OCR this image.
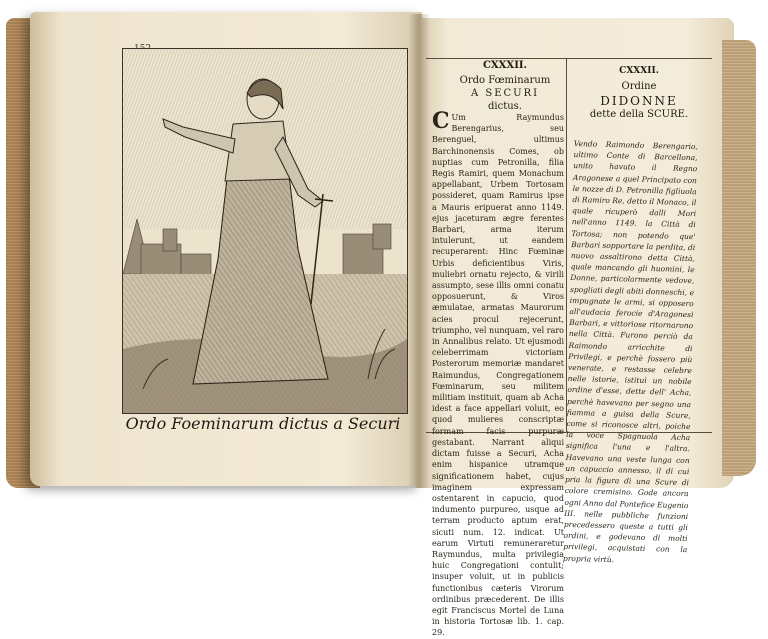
Ordo Foeminarum dictus a Securi
CXXXII.
Ordo Fœminarum
A SECURI
dictus.
C Um Raymundus Berengarius, seu Berenguel, ultimus Barchinonensis Comes, ob nuptias cum Petronilla, filia Regis Ramiri, quem Monachum appellabant, Urbem Tortosam possideret, quam Ramirus ipse a Mauris eripuerat anno 1149. ejus jaceturam ægre ferentes Barbari, arma iterum intulerunt, ut eandem recuperarent: Hinc Fœminæ Urbis deficientibus Viris, muliebri ornatu rejecto, & virili assumpto, sese illis omni conatu opposuerunt, & Viros æmulatae, armatas Maurorum acies procul rejecerunt, triumpho, vel nunquam, vel raro in Annalibus relato. Ut ejusmodi celeberrimam victoriam Posterorum memoriæ mandaret Raimundus, Congregationem Fœminarum, seu militem militiam instituit, quam ab Acha idest a face appellari voluit, eo quod mulieres conscriptæ formam facis purpuræ gestabant. Narrant aliqui dictam fuisse a Securi, Acha enim hispanice utramque significationem habet, cujus imaginem expressam ostentarent in capucio, quod indumento purpureo, usque ad terram producto aptum erat, sicuti num. 12. indicat. Ut earum Virtuti remuneraretur Raymundus, multa privilegia huic Congregationi contulit; insuper voluit, ut in publicis functionibus cæteris Virorum ordinibus præcederent. De illis egit Franciscus Mortel de Luna in historia Tortosæ lib. 1. cap. 29.
CXXXII.
Ordine
DIDONNE
dette della SCURE.
Vendo Raimondo Berengario, ultimo Conte di Barcellona, unito havuto il Regno Aragonese a quel Principato con le nozze di D. Petronilla figliuola di Ramiro Re, detto il Monaco, il quale ricuperò dalli Mori nell'anno 1149. la Città di Tortosa; non potendo que' Barbari sopportare la perdita, di nuovo assaltirono detta Città, quale mancando gli huomini, le Donne, particolarmente vedove, spogliati degli abiti donneschi, e impugnate le armi, si opposero all'audacia ferocie d'Aragonesi Barbari, e vittoriose ritornarono nella Città. Furono perciò da Raimondo arricchite di Privilegi, e perchè fossero più venerate, e restasse celebre nelle istorie, istituì un nobile ordine d'esse, dette dell' Acha, perchè havevano per segno una fiamma a guisa della Scure, come si riconosce altri, poiche la voce Spagnuola Acha significa l'una e l'altra. Havevano una veste lunga con un capuccio annesso, il di cui pria la figura di una Scure di colore cremisino. Gode ancora ogni Anno dal Pontefice Eugenio III. nelle pubbliche funzioni precedessero queste a tutti gli ordini, e godevano di molti privilegi, acquistati con la propria virtù.
